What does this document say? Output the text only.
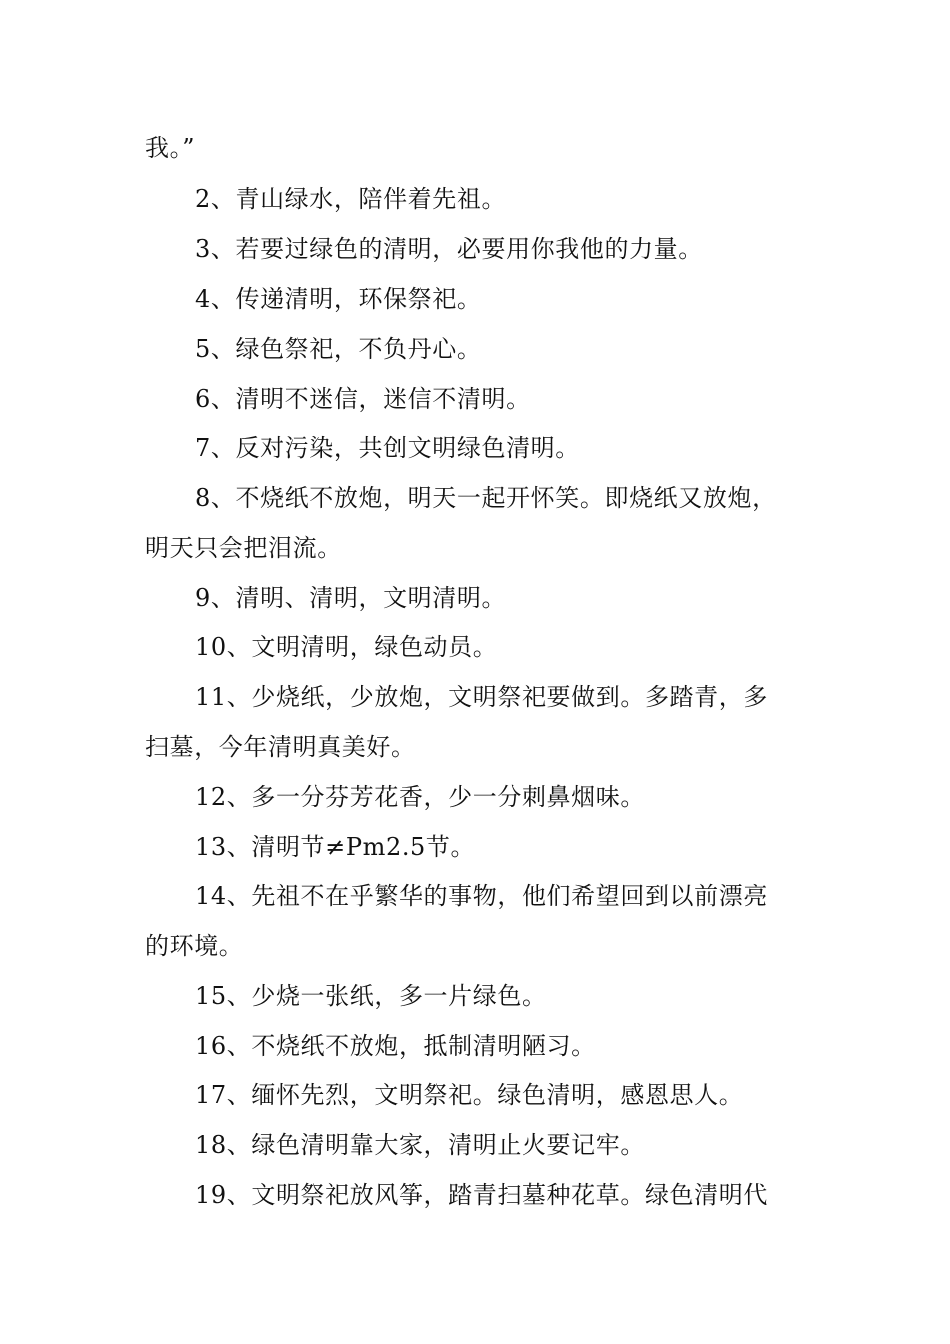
我。”
2、青山绿水，陪伴着先祖。
3、若要过绿色的清明，必要用你我他的力量。
4、传递清明，环保祭祀。
5、绿色祭祀，不负丹心。
6、清明不迷信，迷信不清明。
7、反对污染，共创文明绿色清明。
8、不烧纸不放炮，明天一起开怀笑。即烧纸又放炮，
明天只会把泪流。
9、清明、清明，文明清明。
10、文明清明，绿色动员。
11、少烧纸，少放炮，文明祭祀要做到。多踏青，多
扫墓，今年清明真美好。
12、多一分芬芳花香，少一分刺鼻烟味。
13、清明节≠Pm2.5节。
14、先祖不在乎繁华的事物，他们希望回到以前漂亮
的环境。
15、少烧一张纸，多一片绿色。
16、不烧纸不放炮，抵制清明陋习。
17、缅怀先烈，文明祭祀。绿色清明，感恩思人。
18、绿色清明靠大家，清明止火要记牢。
19、文明祭祀放风筝，踏青扫墓种花草。绿色清明代
